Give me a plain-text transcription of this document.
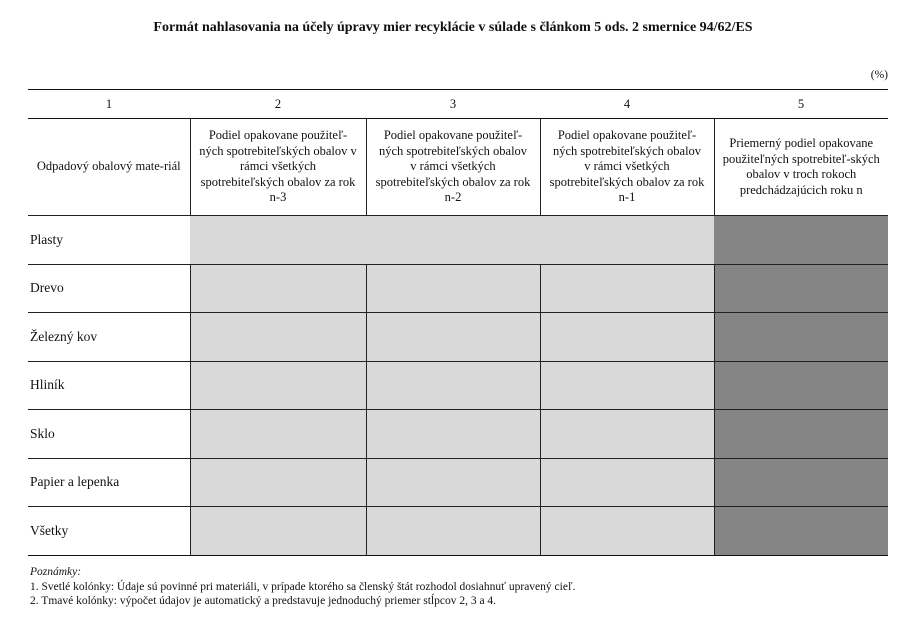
Formát nahlasovania na účely úpravy mier recyklácie v súlade s článkom 5 ods. 2 smernice 94/62/ES
(%)
1	2	3	4	5
Odpadový obalový mate-riál	Podiel opakovane použiteľ-ných spotrebiteľských obalov v rámci všetkých spotrebiteľských obalov za rok n-3	Podiel opakovane použiteľ-ných spotrebiteľských obalov v rámci všetkých spotrebiteľských obalov za rok n-2	Podiel opakovane použiteľ-ných spotrebiteľských obalov v rámci všetkých spotrebiteľských obalov za rok n-1	Priemerný podiel opakovane použiteľných spotrebiteľ-ských obalov v troch rokoch predchádzajúcich roku n
Plasty				
Drevo				
Železný kov				
Hliník				
Sklo				
Papier a lepenka				
Všetky				
Poznámky:
1. Svetlé kolónky: Údaje sú povinné pri materiáli, v prípade ktorého sa členský štát rozhodol dosiahnuť upravený cieľ.
2. Tmavé kolónky: výpočet údajov je automatický a predstavuje jednoduchý priemer stĺpcov 2, 3 a 4.
